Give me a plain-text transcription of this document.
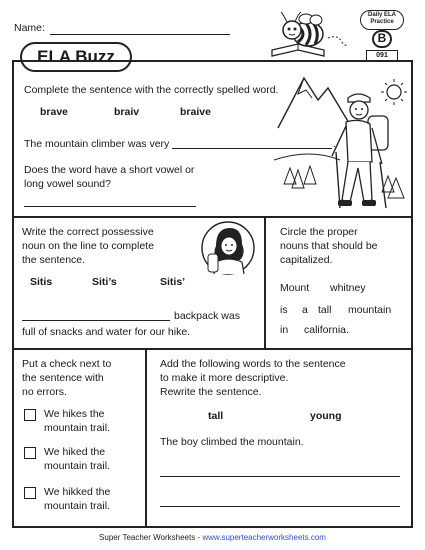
Name:
ELA Buzz
Daily ELA
Practice
B
091
Complete the sentence with the correctly spelled word.
brave	braiv	braive
The mountain climber was very	.
Does the word have a short vowel or
long vowel sound?
Write the correct possessive
noun on the line to complete
the sentence.
Sitis	Siti’s	Sitis’
backpack was
full of snacks and water for our hike.
Circle the proper
nouns that should be
capitalized.
Mount whitney
is a tall mountain
in california.
Put a check next to
the sentence with
no errors.
We hikes the
mountain trail.
We hiked the
mountain trail.
We hikked the
mountain trail.
Add the following words to the sentence
to make it more descriptive.
Rewrite the sentence.
tall	young
The boy climbed the mountain.
Super Teacher Worksheets - www.superteacherworksheets.com
